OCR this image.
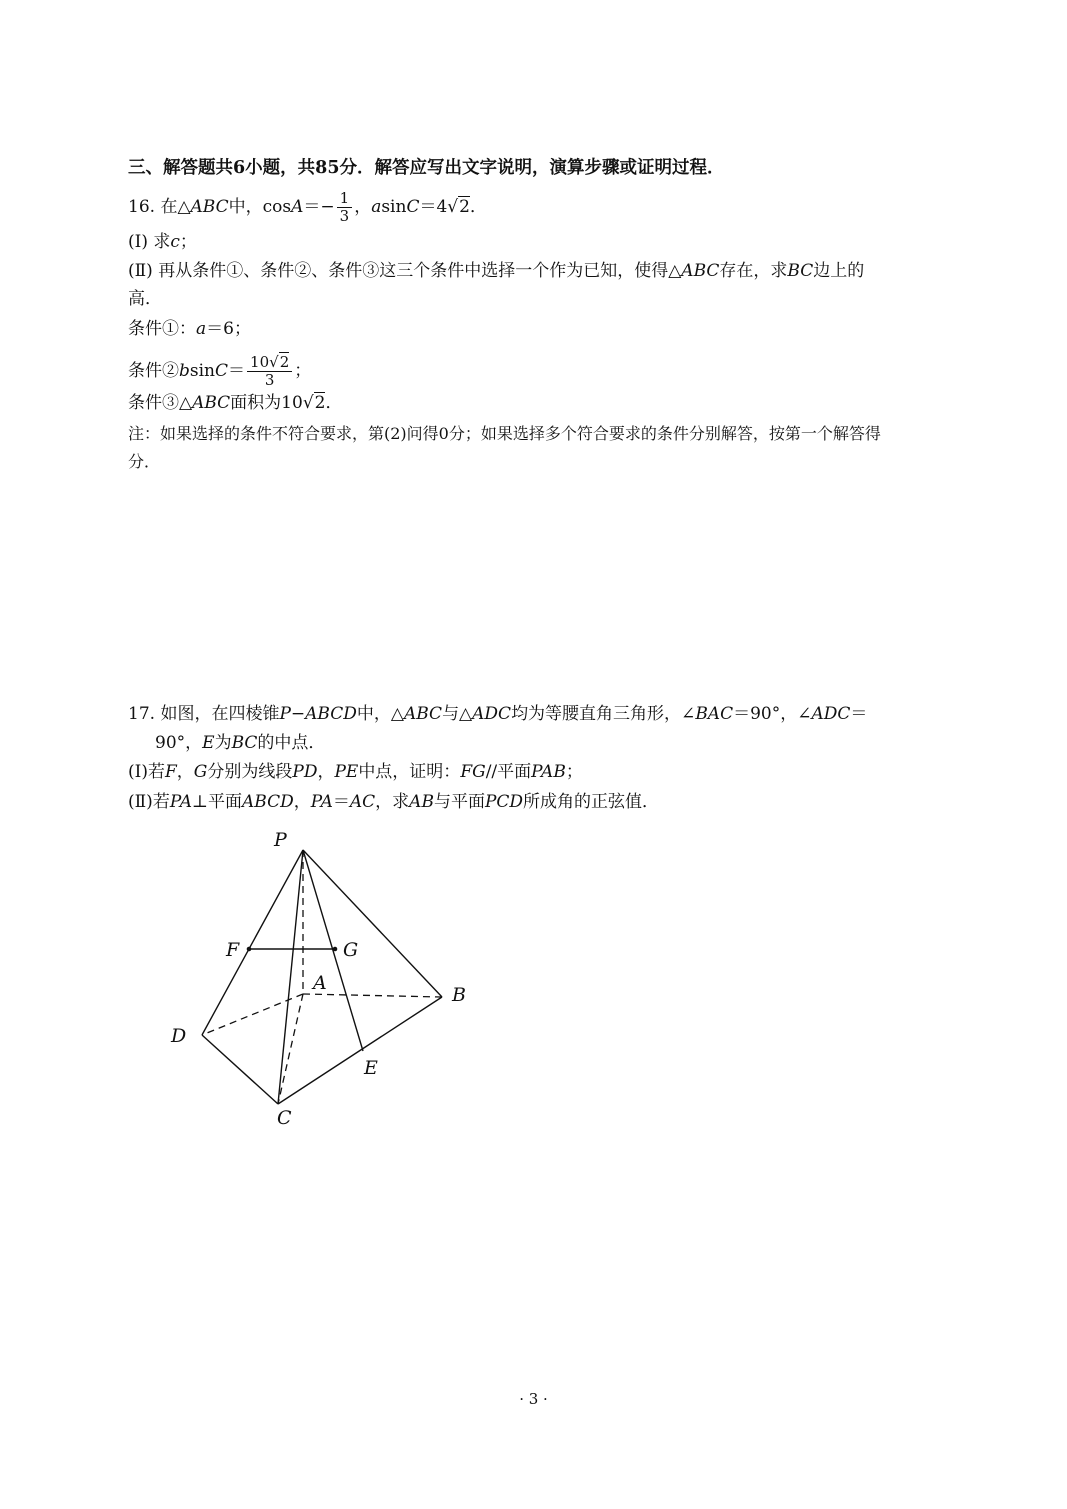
三、解答题共6小题，共85分．解答应写出文字说明，演算步骤或证明过程．
16. 在△ABC中，$\cos A=- \frac{1}{3}$ ，asinC＝4√2．
(Ⅰ) 求c；
(Ⅱ) 再从条件①、条件②、条件③这三个条件中选择一个作为已知，使得△ABC存在，求BC边上的
高．
条件①：a＝6；
条件②bsinC＝ $\frac{10√2}{3}$ ；
条件③△ABC面积为10√2．
注：如果选择的条件不符合要求，第(2)问得0分；如果选择多个符合要求的条件分别解答，按第一个解答得
分．
17. 如图，在四棱锥P−ABCD中，△ABC与△ADC均为等腰直角三角形，∠BAC＝90°，∠ADC＝
90°，E为BC的中点．
(Ⅰ)若F，G分别为线段PD，PE中点，证明：FG//平面PAB；
(Ⅱ)若PA⊥平面ABCD，PA＝AC，求AB与平面PCD所成角的正弦值．
P
F	G
A
B
D
E
C
· 3 ·
